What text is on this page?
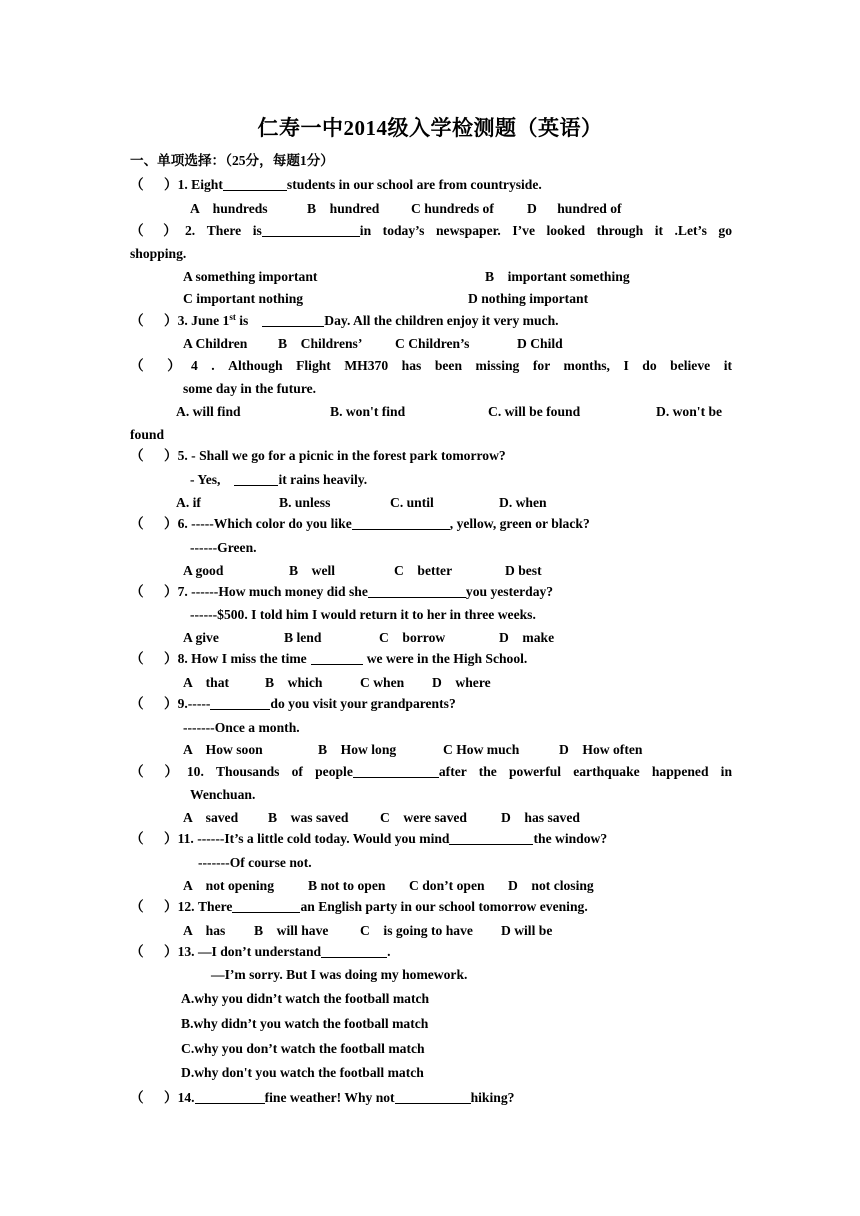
仁寿一中2014级入学检测题（英语）
一、单项选择：（25分，每题1分）
（      ）1. Eight	students in our school are from countryside.
A    hundreds	B    hundred C hundreds of D      hundred of
（ ）2. There is	in today’s newspaper. I’ve looked through it .Let’s go
shopping.
A something important	B    important something
C important nothing	D nothing important
（      ）3. June 1st is	Day. All the children enjoy it very much.
A Children B    Childrens’ C Children’s	D Child
（ ）4 . Although Flight MH370 has been missing for months, I do believe it
some day in the future.
A. will find	B. won't find	C. will be found	D. won't be
found
（      ）5. - Shall we go for a picnic in the forest park tomorrow?
- Yes,	it rains heavily.
A. if	B. unless	C. until	D. when
（      ）6. -----Which color do you like	, yellow, green or black?
------Green.
A good	B    well	C    better	D best
（      ）7. ------How much money did she	you yesterday?
------$500. I told him I would return it to her in three weeks.
A give	B lend	C    borrow	D    make
（      ）8. How I miss the time	we were in the High School.
A    that	B    which	C when D    where
（      ）9.-----	do you visit your grandparents?
-------Once a month.
A    How soon	B    How long	C How much	D    How often
（ ）10. Thousands of people	after the powerful earthquake happened in
Wenchuan.
A    saved B    was saved C    were saved	D    has saved
（      ）11. ------It’s a little cold today. Would you mind	the window?
-------Of course not.
A    not opening B not to open C don’t open D    not closing
（      ）12. There	an English party in our school tomorrow evening.
A    has B    will have C    is going to have D will be
（      ）13. —I don’t understand	.
—I’m sorry. But I was doing my homework.
A.why you didn’t watch the football match
B.why didn’t you watch the football match
C.why you don’t watch the football match
D.why don't you watch the football match
（      ）14.	fine weather! Why not	hiking?
